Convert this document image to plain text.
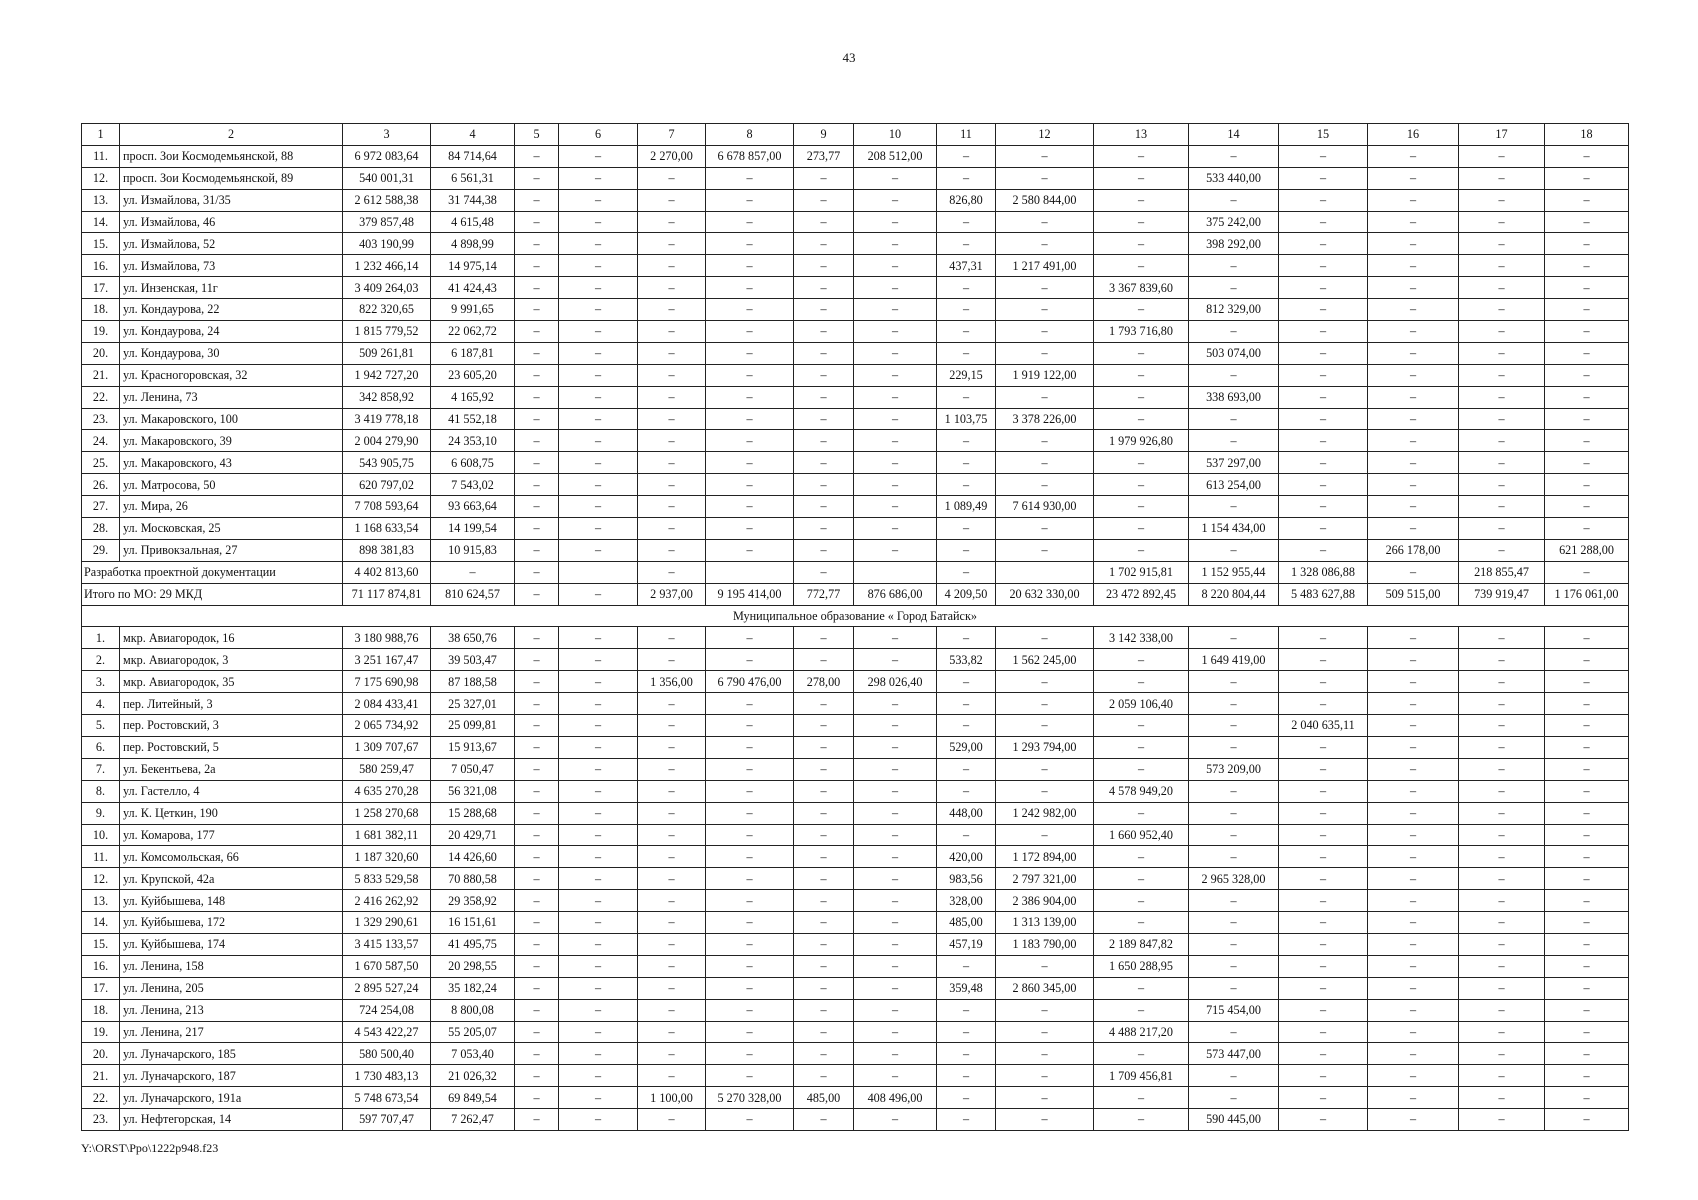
43
1	2	3	4	5	6	7	8	9	10	11	12	13	14	15	16	17	18
11.	просп. Зои Космодемьянской, 88	6 972 083,64	84 714,64	–	–	2 270,00	6 678 857,00	273,77	208 512,00	–	–	–	–	–	–	–	–
12.	просп. Зои Космодемьянской, 89	540 001,31	6 561,31	–	–	–	–	–	–	–	–	–	533 440,00	–	–	–	–
13.	ул. Измайлова, 31/35	2 612 588,38	31 744,38	–	–	–	–	–	–	826,80	2 580 844,00	–	–	–	–	–	–
14.	ул. Измайлова, 46	379 857,48	4 615,48	–	–	–	–	–	–	–	–	–	375 242,00	–	–	–	–
15.	ул. Измайлова, 52	403 190,99	4 898,99	–	–	–	–	–	–	–	–	–	398 292,00	–	–	–	–
16.	ул. Измайлова, 73	1 232 466,14	14 975,14	–	–	–	–	–	–	437,31	1 217 491,00	–	–	–	–	–	–
17.	ул. Инзенская, 11г	3 409 264,03	41 424,43	–	–	–	–	–	–	–	–	3 367 839,60	–	–	–	–	–
18.	ул. Кондаурова, 22	822 320,65	9 991,65	–	–	–	–	–	–	–	–	–	812 329,00	–	–	–	–
19.	ул. Кондаурова, 24	1 815 779,52	22 062,72	–	–	–	–	–	–	–	–	1 793 716,80	–	–	–	–	–
20.	ул. Кондаурова, 30	509 261,81	6 187,81	–	–	–	–	–	–	–	–	–	503 074,00	–	–	–	–
21.	ул. Красногоровская, 32	1 942 727,20	23 605,20	–	–	–	–	–	–	229,15	1 919 122,00	–	–	–	–	–	–
22.	ул. Ленина, 73	342 858,92	4 165,92	–	–	–	–	–	–	–	–	–	338 693,00	–	–	–	–
23.	ул. Макаровского, 100	3 419 778,18	41 552,18	–	–	–	–	–	–	1 103,75	3 378 226,00	–	–	–	–	–	–
24.	ул. Макаровского, 39	2 004 279,90	24 353,10	–	–	–	–	–	–	–	–	1 979 926,80	–	–	–	–	–
25.	ул. Макаровского, 43	543 905,75	6 608,75	–	–	–	–	–	–	–	–	–	537 297,00	–	–	–	–
26.	ул. Матросова, 50	620 797,02	7 543,02	–	–	–	–	–	–	–	–	–	613 254,00	–	–	–	–
27.	ул. Мира, 26	7 708 593,64	93 663,64	–	–	–	–	–	–	1 089,49	7 614 930,00	–	–	–	–	–	–
28.	ул. Московская, 25	1 168 633,54	14 199,54	–	–	–	–	–	–	–	–	–	1 154 434,00	–	–	–	–
29.	ул. Привокзальная, 27	898 381,83	10 915,83	–	–	–	–	–	–	–	–	–	–	–	266 178,00	–	621 288,00
Разработка проектной документации		4 402 813,60	–	–		–		–		–		1 702 915,81	1 152 955,44	1 328 086,88	–	218 855,47	–
Итого по МО: 29 МКД		71 117 874,81	810 624,57	–	–	2 937,00	9 195 414,00	772,77	876 686,00	4 209,50	20 632 330,00	23 472 892,45	8 220 804,44	5 483 627,88	509 515,00	739 919,47	1 176 061,00
Муниципальное образование « Город Батайск»																	
1.	мкр. Авиагородок, 16	3 180 988,76	38 650,76	–	–	–	–	–	–	–	–	3 142 338,00	–	–	–	–	–
2.	мкр. Авиагородок, 3	3 251 167,47	39 503,47	–	–	–	–	–	–	533,82	1 562 245,00	–	1 649 419,00	–	–	–	–
3.	мкр. Авиагородок, 35	7 175 690,98	87 188,58	–	–	1 356,00	6 790 476,00	278,00	298 026,40	–	–	–	–	–	–	–	–
4.	пер. Литейный, 3	2 084 433,41	25 327,01	–	–	–	–	–	–	–	–	2 059 106,40	–	–	–	–	–
5.	пер. Ростовский, 3	2 065 734,92	25 099,81	–	–	–	–	–	–	–	–	–	–	2 040 635,11	–	–	–
6.	пер. Ростовский, 5	1 309 707,67	15 913,67	–	–	–	–	–	–	529,00	1 293 794,00	–	–	–	–	–	–
7.	ул. Бекентьева, 2а	580 259,47	7 050,47	–	–	–	–	–	–	–	–	–	573 209,00	–	–	–	–
8.	ул. Гастелло, 4	4 635 270,28	56 321,08	–	–	–	–	–	–	–	–	4 578 949,20	–	–	–	–	–
9.	ул. К. Цеткин, 190	1 258 270,68	15 288,68	–	–	–	–	–	–	448,00	1 242 982,00	–	–	–	–	–	–
10.	ул. Комарова, 177	1 681 382,11	20 429,71	–	–	–	–	–	–	–	–	1 660 952,40	–	–	–	–	–
11.	ул. Комсомольская, 66	1 187 320,60	14 426,60	–	–	–	–	–	–	420,00	1 172 894,00	–	–	–	–	–	–
12.	ул. Крупской, 42а	5 833 529,58	70 880,58	–	–	–	–	–	–	983,56	2 797 321,00	–	2 965 328,00	–	–	–	–
13.	ул. Куйбышева, 148	2 416 262,92	29 358,92	–	–	–	–	–	–	328,00	2 386 904,00	–	–	–	–	–	–
14.	ул. Куйбышева, 172	1 329 290,61	16 151,61	–	–	–	–	–	–	485,00	1 313 139,00	–	–	–	–	–	–
15.	ул. Куйбышева, 174	3 415 133,57	41 495,75	–	–	–	–	–	–	457,19	1 183 790,00	2 189 847,82	–	–	–	–	–
16.	ул. Ленина, 158	1 670 587,50	20 298,55	–	–	–	–	–	–	–	–	1 650 288,95	–	–	–	–	–
17.	ул. Ленина, 205	2 895 527,24	35 182,24	–	–	–	–	–	–	359,48	2 860 345,00	–	–	–	–	–	–
18.	ул. Ленина, 213	724 254,08	8 800,08	–	–	–	–	–	–	–	–	–	715 454,00	–	–	–	–
19.	ул. Ленина, 217	4 543 422,27	55 205,07	–	–	–	–	–	–	–	–	4 488 217,20	–	–	–	–	–
20.	ул. Луначарского, 185	580 500,40	7 053,40	–	–	–	–	–	–	–	–	–	573 447,00	–	–	–	–
21.	ул. Луначарского, 187	1 730 483,13	21 026,32	–	–	–	–	–	–	–	–	1 709 456,81	–	–	–	–	–
22.	ул. Луначарского, 191а	5 748 673,54	69 849,54	–	–	1 100,00	5 270 328,00	485,00	408 496,00	–	–	–	–	–	–	–	–
23.	ул. Нефтегорская, 14	597 707,47	7 262,47	–	–	–	–	–	–	–	–	–	590 445,00	–	–	–	–
Y:\ORST\Ppo\1222p948.f23
